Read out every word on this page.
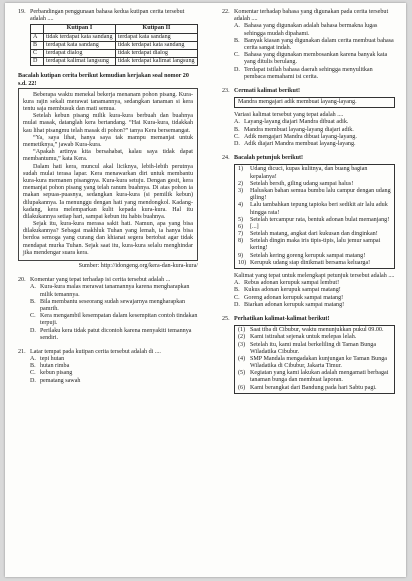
19. Perbandingan penggunaan bahasa kedua kutipan cerita tersebut adalah ....
	Kutipan I	Kutipan II
A	tidak terdapat kata sandang	terdapat kata sandang
B	terdapat kata sandang	tidak terdapat kata sandang
C	terdapat dialog	tidak terdapat dialog
D	terdapat kalimat langsung	tidak terdapat kalimat langsung
Bacalah kutipan cerita berikut kemudian kerjakan soal nomor 20 s.d. 22!

Beberapa waktu menekal bekerja menanam pohon pisang. Kura-kura rajin sekali merawat tanamannya, sedangkan tanaman si kera tentu saja membusuk dan mati semua.

Setelah kebun pisang milik kura-kura berbuah dan buahnya mulai masak, datanglah kera bertandang. “Hai Kura-kura, tidakkah kau lihat pisangmu telah masak di pohon?” tanya Kera bersemangat.

“Ya, saya lihat, hanya saya tak mampu memanjat untuk memetiknya,” jawab Kura-kura.

“Apakah artinya kita bersahabat, kalau saya tidak dapat membantumu,” kata Kera.

Dalam hati kera, muncul akal liciknya, lebih-lebih perutnya sudah mulai terasa lapar. Kera menawarkan diri untuk membantu kura-kura memanen pisangnya. Kura-kura setuju. Dengan gesit, kera memanjat pohon pisang yang telah ranum buahnya. Di atas pohon ia makan sepuas-puasnya, sedangkan kura-kura (si pemilik kebun) dilupakannya. Ia menunggu dengan hati yang mendongkol. Kadang-kadang, kera melemparkan kulit kepada kura-kura. Hal itu dilakukannya setiap hari, sampai kebun itu habis buahnya.

Sejak itu, kura-kura merasa sakit hati. Namun, apa yang bisa dilakukannya? Sebagai makhluk Tuhan yang lemah, ia hanya bisa berdoa semoga yang curang dan khianat segera bertobat agar tidak mendapat murka Tuhan. Sejak saat itu, kura-kura selalu menghindar jika mendengar suara kera.

Sumber: http://idongeng.org/kera-dan-kura-kura/
20. Komentar yang tepat terhadap isi cerita tersebut adalah ...
A. Kura-kura malas merawat tanamannya karena mengharapkan milik temannya.
B. Bila membantu seseorang sudah sewajarnya mengharapkan pamrih.
C. Kera mengambil kesempatan dalam kesempitan contoh tindakan terpuji.
D. Perilaku kera tidak patut dicontoh karena menyakiti temannya sendiri.
21. Latar tempat pada kutipan cerita tersebut adalah di ....
A. tepi hutan
B. hutan rimba
C. kebun pisang
D. pematang sawah
22. Komentar terhadap bahasa yang digunakan pada cerita tersebut adalah ....
A. Bahasa yang digunakan adalah bahasa bermakna lugas sehingga mudah dipahami.
B. Banyak kiasan yang digunakan dalam cerita membuat bahasa cerita sangat indah.
C. Bahasa yang digunakan membosankan karena banyak kata yang ditulis berulang.
D. Terdapat istilah bahasa daerah sehingga menyulitkan pembaca memahami isi cerita.
23. Cermati kalimat berikut!
Mandra mengajari adik membuat layang-layang.
Variasi kalimat tersebut yang tepat adalah ....
A. Layang-layang diajari Mandra dibuat adik.
B. Mandra membuat layang-layang diajari adik.
C. Adik mengajari Mandra dibuat layang-layang.
D. Adik diajari Mandra membuat layang-layang.
24. Bacalah petunjuk berikut!
1)	Udang dicuci, kupas kulitnya, dan buang bagian kepalanya!
2)	Setelah bersih, giling udang sampai halus!
3)	Haluskan bahan semua bumbu lalu campur dengan udang giling!
4)	Lalu tambahkan tepung tapioka beri sedikit air lalu aduk hingga rata!
5)	Setelah tercampur rata, bentuk adonan bulat memanjang!
6)	[...]
7)	Setelah matang, angkat dari kukusan dan dinginkan!
8)	Setelah dingin maka iris tipis-tipis, lalu jemur sampai kering!
9)	Setelah kering goreng kerupuk sampai matang!
10) Kerupuk udang siap dinikmati bersama keluarga!
Kalimat yang tepat untuk melengkapi petunjuk tersebut adalah ....
A. Rebus adonan kerupuk sampai lembut!
B. Kukus adonan kerupuk sampai matang!
C. Goreng adonan kerupuk sampai matang!
D. Biarkan adonan kerupuk sampai matang!
25. Perhatikan kalimat-kalimat berikut!
(1) Saat tiba di Cibubur, waktu menunjukkan pukul 09.00.
(2) Kami istirahat sejenak untuk melepas lelah.
(3) Setelah itu, kami mulai berkeliling di Taman Bunga Wiladatika Cibubur.
(4) SMP Mandala mengadakan kunjungan ke Taman Bunga Wiladatika di Cibubur, Jakarta Timur.
(5) Kegiatan yang kami lakukan adalah mengamati berbagai tanaman bunga dan membuat laporan.
(6) Kami berangkat dari Bandung pada hari Sabtu pagi.
